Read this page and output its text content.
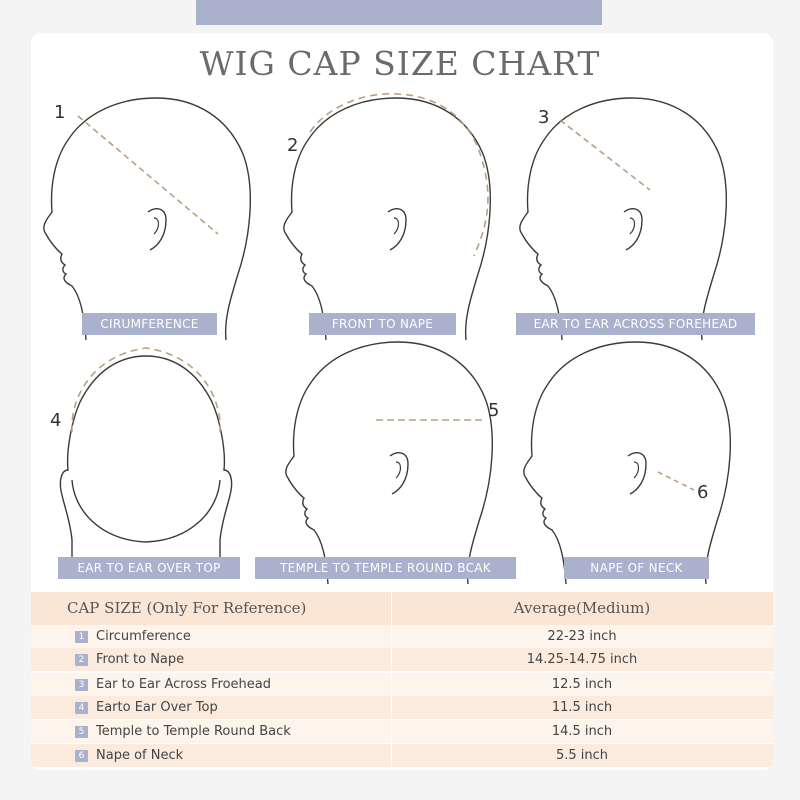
WIG CAP SIZE CHART
1
2
3
4	5
6
CIRUMFERENCE	FRONT TO NAPE	EAR TO EAR ACROSS FOREHEAD
EAR TO EAR OVER TOP	TEMPLE TO TEMPLE ROUND BCAK	NAPE OF NECK
CAP SIZE (Only For Reference)	Average(Medium)
1 Circumference	22-23 inch
2 Front to Nape	14.25-14.75 inch
3 Ear to Ear Across Froehead	12.5 inch
4 Earto Ear Over Top	11.5 inch
5 Temple to Temple Round Back	14.5 inch
6 Nape of Neck	5.5 inch
